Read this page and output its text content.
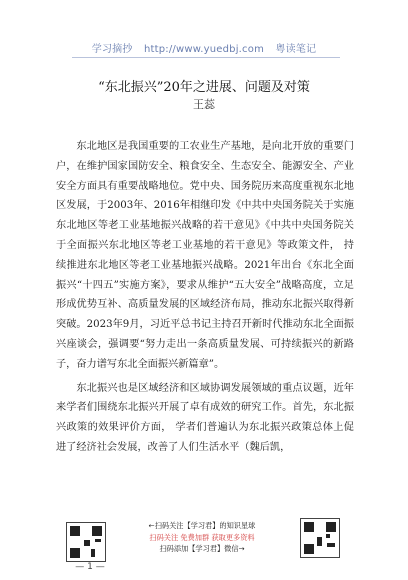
学习摘抄 http://www.yuedbj.com 粤读笔记
“东北振兴”20年之进展、问题及对策
王蕊

东北地区是我国重要的工农业生产基地，是向北开放的重要门户，在维护国家国防安全、粮食安全、生态安全、能源安全、产业安全方面具有重要战略地位。党中央、国务院历来高度重视东北地区发展，于2003年、2016年相继印发《中共中央国务院关于实施东北地区等老工业基地振兴战略的若干意见》《中共中央国务院关于全面振兴东北地区等老工业基地的若干意见》等政策文件， 持续推进东北地区等老工业基地振兴战略。2021年出台《东北全面振兴“十四五”实施方案》，要求从维护“五大安全”战略高度，立足形成优势互补、高质量发展的区域经济布局，推动东北振兴取得新突破。2023年9月，习近平总书记主持召开新时代推动东北全面振兴座谈会，强调要“努力走出一条高质量发展、可持续振兴的新路子，奋力谱写东北全面振兴新篇章”。

东北振兴也是区域经济和区域协调发展领域的重点议题，近年来学者们围绕东北振兴开展了卓有成效的研究工作。首先，东北振兴政策的效果评价方面， 学者们普遍认为东北振兴政策总体上促进了经济社会发展，改善了人们生活水平（魏后凯，

←扫码关注【学习君】的知识星球
扫码关注 免费加群 获取更多资料
扫码添加【学习君】微信→
— 1 —
